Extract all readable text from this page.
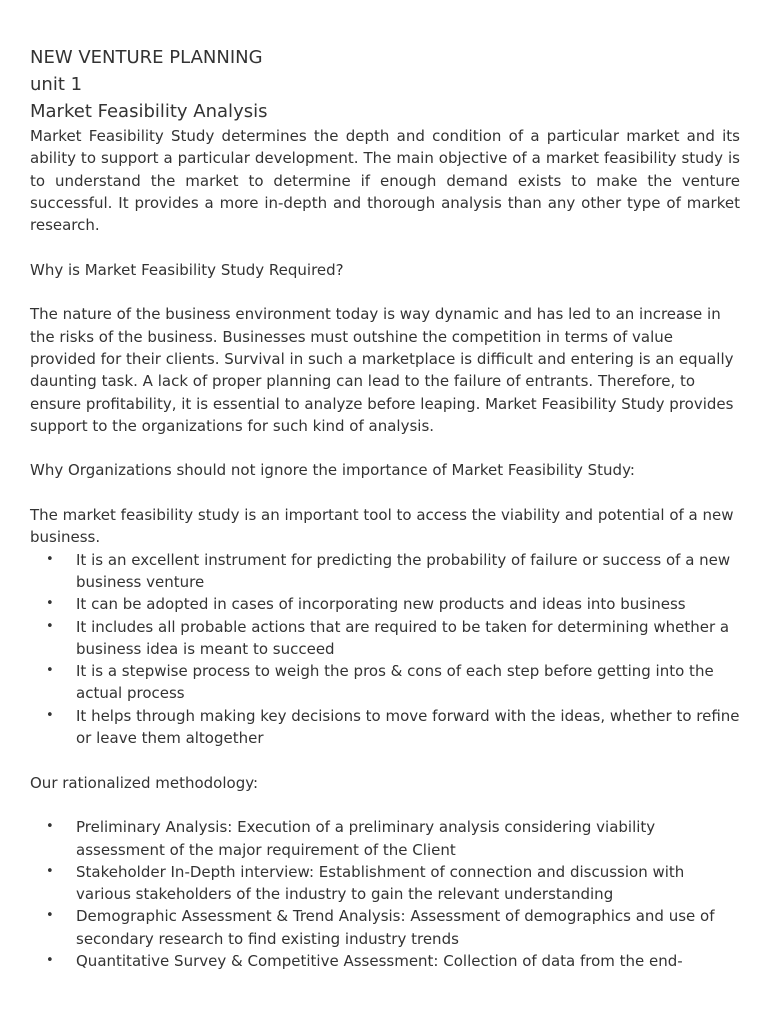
NEW VENTURE PLANNING
unit 1
Market Feasibility Analysis

Market Feasibility Study determines the depth and condition of a particular market and its ability to support a particular development. The main objective of a market feasibility study is to understand the market to determine if enough demand exists to make the venture successful. It provides a more in-depth and thorough analysis than any other type of market research.

Why is Market Feasibility Study Required?

The nature of the business environment today is way dynamic and has led to an increase in the risks of the business. Businesses must outshine the competition in terms of value provided for their clients. Survival in such a marketplace is difficult and entering is an equally daunting task. A lack of proper planning can lead to the failure of entrants. Therefore, to ensure profitability, it is essential to analyze before leaping. Market Feasibility Study provides support to the organizations for such kind of analysis.

Why Organizations should not ignore the importance of Market Feasibility Study:

The market feasibility study is an important tool to access the viability and potential of a new business.

• It is an excellent instrument for predicting the probability of failure or success of a new business venture
• It can be adopted in cases of incorporating new products and ideas into business
• It includes all probable actions that are required to be taken for determining whether a business idea is meant to succeed
• It is a stepwise process to weigh the pros & cons of each step before getting into the actual process
• It helps through making key decisions to move forward with the ideas, whether to refine or leave them altogether

Our rationalized methodology:

• Preliminary Analysis: Execution of a preliminary analysis considering viability assessment of the major requirement of the Client
• Stakeholder In-Depth interview: Establishment of connection and discussion with various stakeholders of the industry to gain the relevant understanding
• Demographic Assessment & Trend Analysis: Assessment of demographics and use of secondary research to find existing industry trends
• Quantitative Survey & Competitive Assessment: Collection of data from the end-
